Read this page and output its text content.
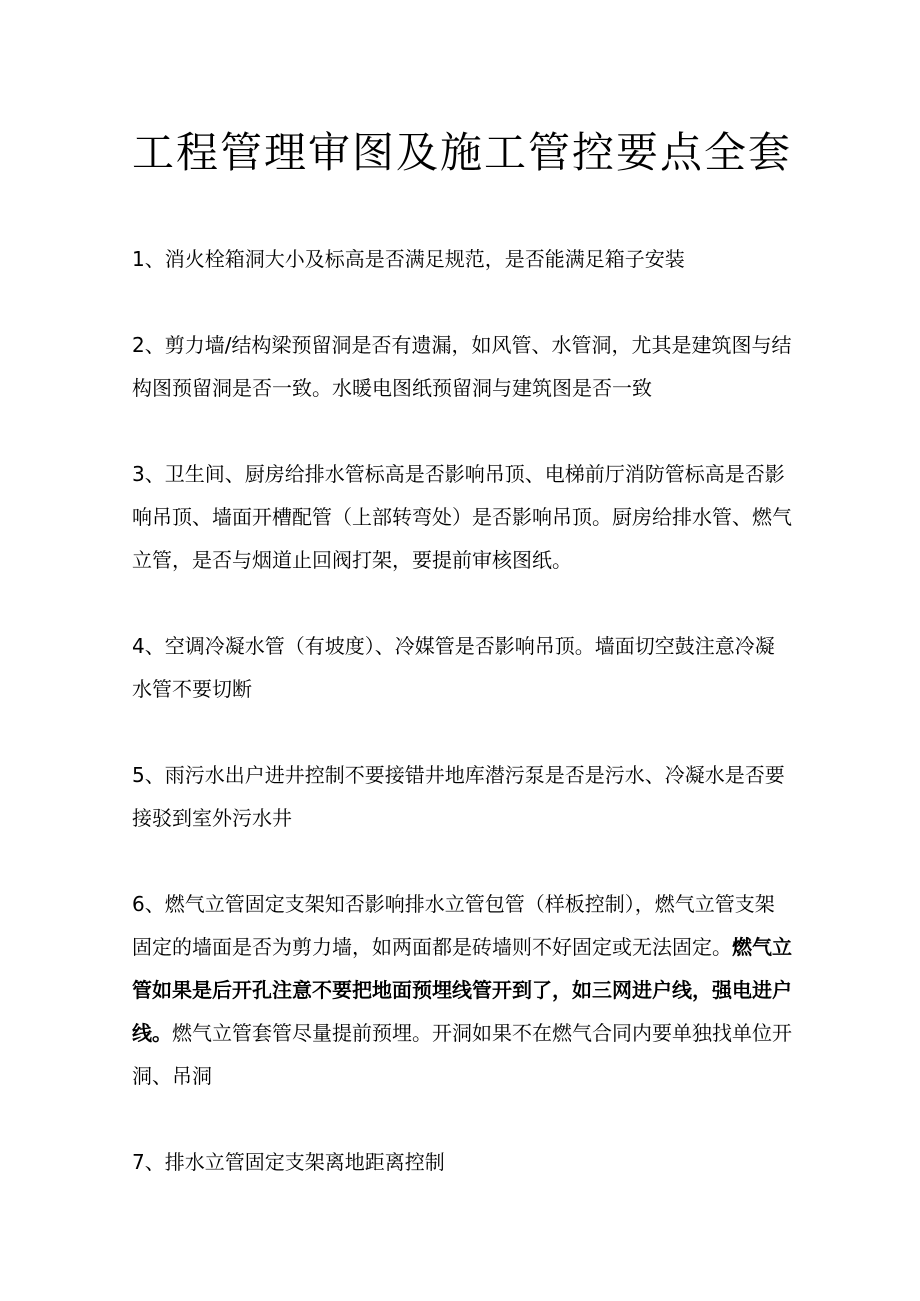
工程管理审图及施工管控要点全套
1、消火栓箱洞大小及标高是否满足规范，是否能满足箱子安装
2、剪力墙/结构梁预留洞是否有遗漏，如风管、水管洞，尤其是建筑图与结构图预留洞是否一致。水暖电图纸预留洞与建筑图是否一致
3、卫生间、厨房给排水管标高是否影响吊顶、电梯前厅消防管标高是否影响吊顶、墙面开槽配管（上部转弯处）是否影响吊顶。厨房给排水管、燃气立管，是否与烟道止回阀打架，要提前审核图纸。
4、空调冷凝水管（有坡度）、冷媒管是否影响吊顶。墙面切空鼓注意冷凝水管不要切断
5、雨污水出户进井控制不要接错井地库潜污泵是否是污水、冷凝水是否要接驳到室外污水井
6、燃气立管固定支架知否影响排水立管包管（样板控制），燃气立管支架固定的墙面是否为剪力墙，如两面都是砖墙则不好固定或无法固定。燃气立管如果是后开孔注意不要把地面预埋线管开到了，如三网进户线，强电进户线。燃气立管套管尽量提前预埋。开洞如果不在燃气合同内要单独找单位开洞、吊洞
7、排水立管固定支架离地距离控制
